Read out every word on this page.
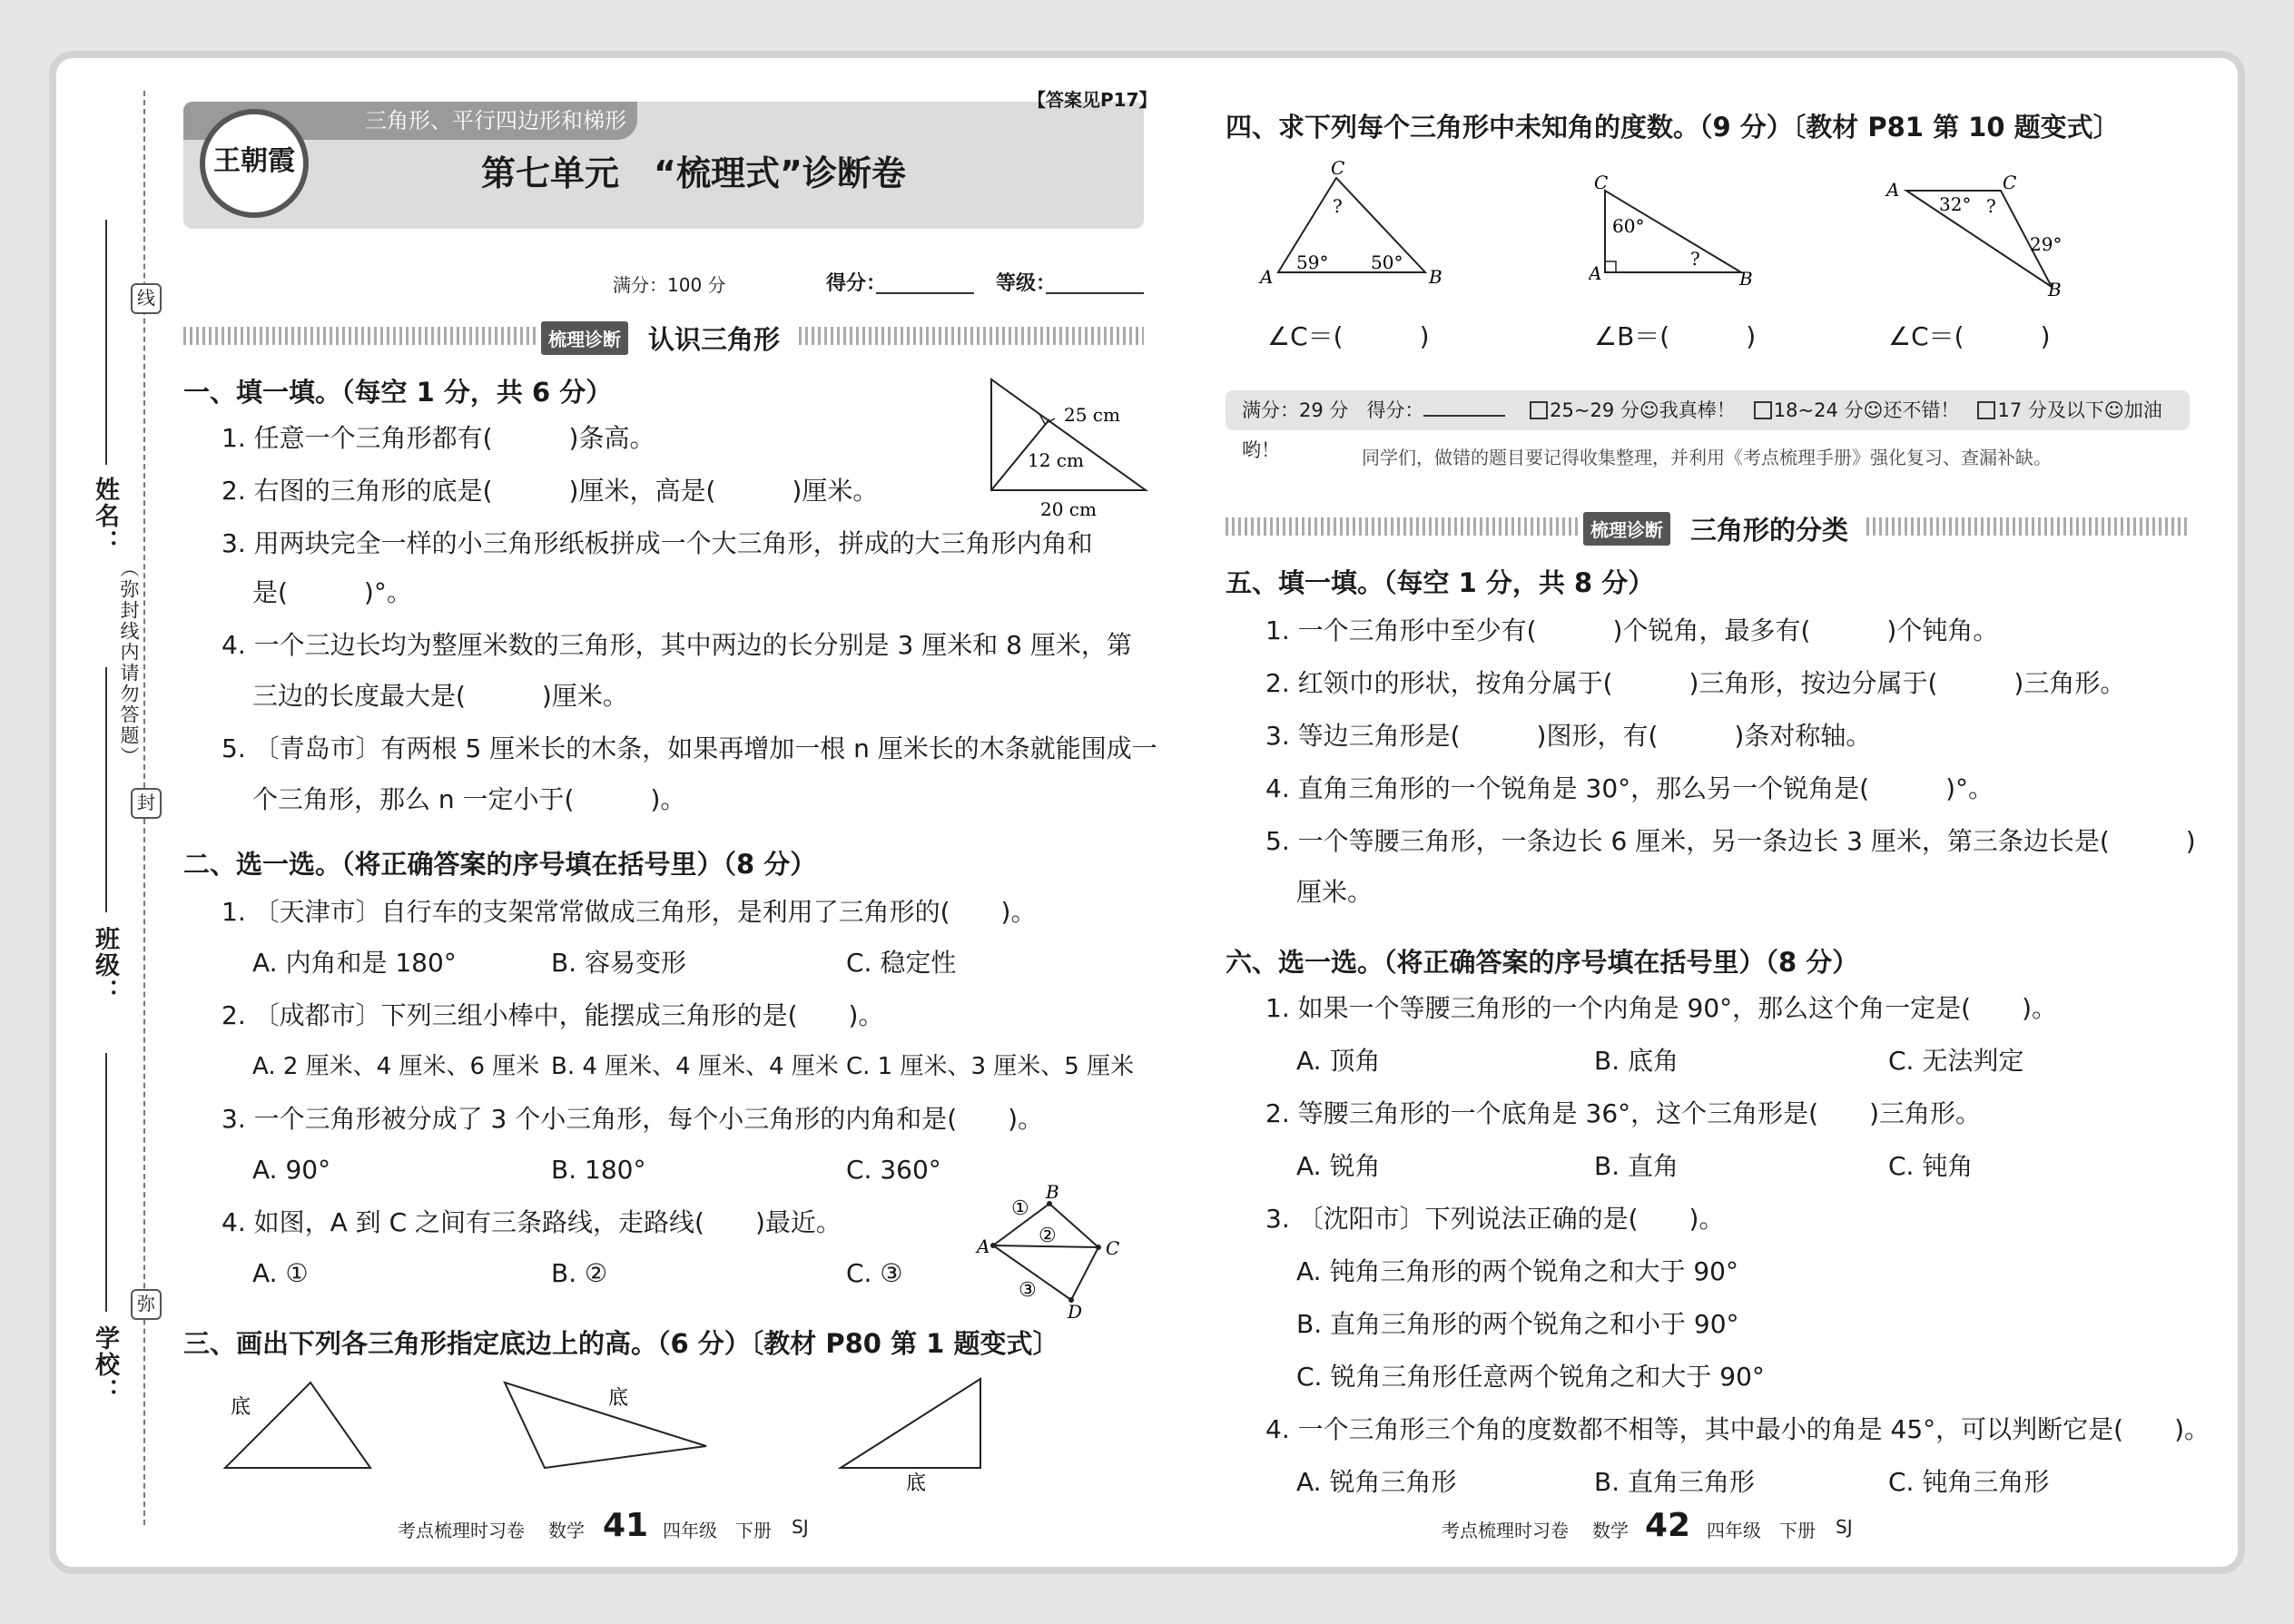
线
封
弥
（弥封线内请勿答题）
姓名：
班级：
学校：
三角形、平行四边形和梯形
王朝霞	第七单元　“梳理式”诊断卷
【答案见P17】
满分：100 分	得分：	等级：
梳理诊断 认识三角形
一、填一填。（每空 1 分，共 6 分）
1. 任意一个三角形都有(　　　)条高。
2. 右图的三角形的底是(　　　)厘米，高是(　　　)厘米。
3. 用两块完全一样的小三角形纸板拼成一个大三角形，拼成的大三角形内角和
是(　　　)°。
4. 一个三边长均为整厘米数的三角形，其中两边的长分别是 3 厘米和 8 厘米，第
三边的长度最大是(　　　)厘米。
5. 〔青岛市〕有两根 5 厘米长的木条，如果再增加一根 n 厘米长的木条就能围成一
个三角形，那么 n 一定小于(　　　)。
25 cm
12 cm
20 cm
二、选一选。（将正确答案的序号填在括号里）（8 分）
1. 〔天津市〕自行车的支架常常做成三角形，是利用了三角形的(　　)。
A. 内角和是 180°	B. 容易变形	C. 稳定性
2. 〔成都市〕下列三组小棒中，能摆成三角形的是(　　)。
A. 2 厘米、4 厘米、6 厘米 B. 4 厘米、4 厘米、4 厘米 C. 1 厘米、3 厘米、5 厘米
3. 一个三角形被分成了 3 个小三角形，每个小三角形的内角和是(　　)。
A. 90°	B. 180°	C. 360°
4. 如图，A 到 C 之间有三条路线，走路线(　　)最近。
A. ①	B. ②	C. ③
A
B
C
D
①
②
③
三、画出下列各三角形指定底边上的高。（6 分）〔教材 P80 第 1 题变式〕
底	底
底
考点梳理时习卷 数学 41 四年级 下册 SJ
四、求下列每个三角形中未知角的度数。（9 分）〔教材 P81 第 10 题变式〕
C
A	B
59° 50°
?
C
A	B
60°
?
A	C
B
32°
29°
?
∠C＝(　　　)	∠B＝(　　　)	∠C＝(　　　)
满分：29 分 得分：	25~29 分☺我真棒！ 18~24 分☺还不错！ 17 分及以下☺加油哟！	同学们，做错的题目要记得收集整理，并利用《考点梳理手册》强化复习、查漏补缺。
梳理诊断 三角形的分类
五、填一填。（每空 1 分，共 8 分）
1. 一个三角形中至少有(　　　)个锐角，最多有(　　　)个钝角。
2. 红领巾的形状，按角分属于(　　　)三角形，按边分属于(　　　)三角形。
3. 等边三角形是(　　　)图形，有(　　　)条对称轴。
4. 直角三角形的一个锐角是 30°，那么另一个锐角是(　　　)°。
5. 一个等腰三角形，一条边长 6 厘米，另一条边长 3 厘米，第三条边长是(　　　)
厘米。
六、选一选。（将正确答案的序号填在括号里）（8 分）
1. 如果一个等腰三角形的一个内角是 90°，那么这个角一定是(　　)。
A. 顶角	B. 底角	C. 无法判定
2. 等腰三角形的一个底角是 36°，这个三角形是(　　)三角形。
A. 锐角	B. 直角	C. 钝角
3. 〔沈阳市〕下列说法正确的是(　　)。
A. 钝角三角形的两个锐角之和大于 90°
B. 直角三角形的两个锐角之和小于 90°
C. 锐角三角形任意两个锐角之和大于 90°
4. 一个三角形三个角的度数都不相等，其中最小的角是 45°，可以判断它是(　　)。
A. 锐角三角形	B. 直角三角形	C. 钝角三角形
考点梳理时习卷 数学 42 四年级 下册 SJ
